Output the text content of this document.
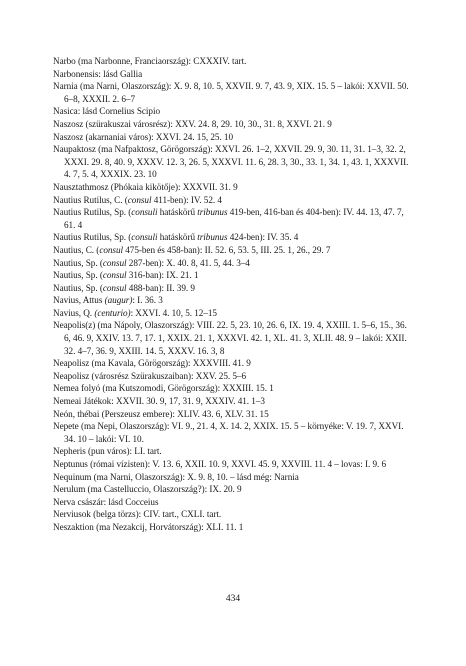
Narbo (ma Narbonne, Franciaország): CXXXIV. tart.
Narbonensis: lásd Gallia
Narnia (ma Narni, Olaszország): X. 9. 8, 10. 5, XXVII. 9. 7, 43. 9, XIX. 15. 5 – lakói: XXVII. 50. 6–8, XXXII. 2. 6–7
Nasica: lásd Cornelius Scipio
Naszosz (szürakuszai városrész): XXV. 24. 8, 29. 10, 30., 31. 8, XXVI. 21. 9
Naszosz (akarnaniai város): XXVI. 24. 15, 25. 10
Naupaktosz (ma Nafpaktosz, Görögország): XXVI. 26. 1–2, XXVII. 29. 9, 30. 11, 31. 1–3, 32. 2, XXXI. 29. 8, 40. 9, XXXV. 12. 3, 26. 5, XXXVI. 11. 6, 28. 3, 30., 33. 1, 34. 1, 43. 1, XXXVII. 4. 7, 5. 4, XXXIX. 23. 10
Nausztathmosz (Phókaia kikötője): XXXVII. 31. 9
Nautius Rutilus, C. (consul 411-ben): IV. 52. 4
Nautius Rutilus, Sp. (consuli hatáskörű tribunus 419-ben, 416-ban és 404-ben): IV. 44. 13, 47. 7, 61. 4
Nautius Rutilus, Sp. (consuli hatáskörű tribunus 424-ben): IV. 35. 4
Nautius, C. (consul 475-ben és 458-ban): II. 52. 6, 53. 5, III. 25. 1, 26., 29. 7
Nautius, Sp. (consul 287-ben): X. 40. 8, 41. 5, 44. 3–4
Nautius, Sp. (consul 316-ban): IX. 21. 1
Nautius, Sp. (consul 488-ban): II. 39. 9
Navius, Attus (augur): I. 36. 3
Navius, Q. (centurio): XXVI. 4. 10, 5. 12–15
Neapolis(z) (ma Nápoly, Olaszország): VIII. 22. 5, 23. 10, 26. 6, IX. 19. 4, XXIII. 1. 5–6, 15., 36. 6, 46. 9, XXIV. 13. 7, 17. 1, XXIX. 21. 1, XXXVI. 42. 1, XL. 41. 3, XLII. 48. 9 – lakói: XXII. 32. 4–7, 36. 9, XXIII. 14. 5, XXXV. 16. 3, 8
Neapolisz (ma Kavala, Görögország): XXXVIII. 41. 9
Neapolisz (városrész Szürakuszaiban): XXV. 25. 5–6
Nemea folyó (ma Kutszomodi, Görögország): XXXIII. 15. 1
Nemeai Játékok: XXVII. 30. 9, 17, 31. 9, XXXIV. 41. 1–3
Neón, thébai (Perszeusz embere): XLIV. 43. 6, XLV. 31. 15
Nepete (ma Nepi, Olaszország): VI. 9., 21. 4, X. 14. 2, XXIX. 15. 5 – környéke: V. 19. 7, XXVI. 34. 10 – lakói: VI. 10.
Nepheris (pun város): LI. tart.
Neptunus (római vízisten): V. 13. 6, XXII. 10. 9, XXVI. 45. 9, XXVIII. 11. 4 – lovas: I. 9. 6
Nequinum (ma Narni, Olaszország): X. 9. 8, 10. – lásd még: Narnia
Nerulum (ma Castelluccio, Olaszország?): IX. 20. 9
Nerva császár: lásd Cocceius
Nerviusok (belga törzs): CIV. tart., CXLI. tart.
Neszaktion (ma Nezakcij, Horvátország): XLI. 11. 1
434
